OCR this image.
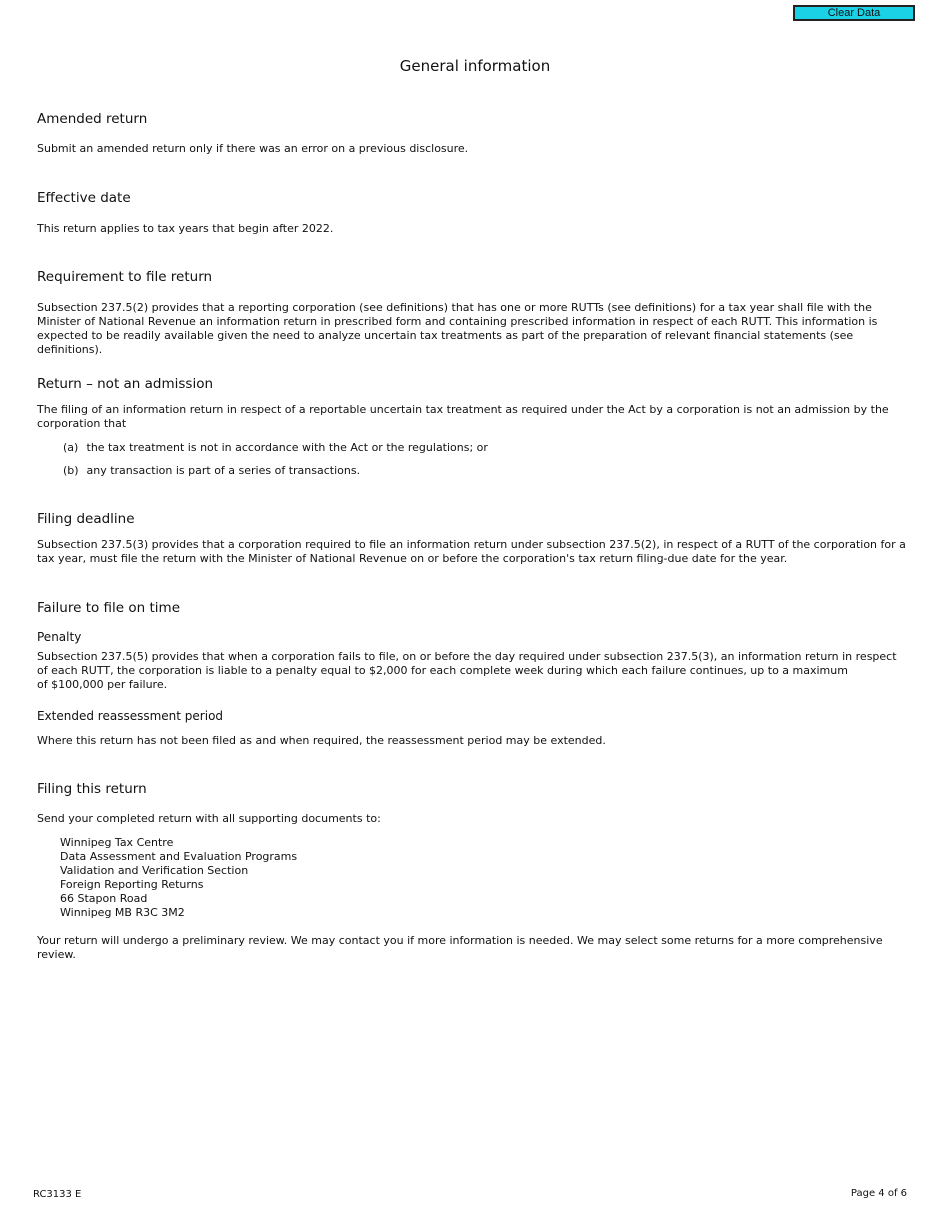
Clear Data
General information
Amended return
Submit an amended return only if there was an error on a previous disclosure.
Effective date
This return applies to tax years that begin after 2022.
Requirement to file return
Subsection 237.5(2) provides that a reporting corporation (see definitions) that has one or more RUTTs (see definitions) for a tax year shall file with the Minister of National Revenue an information return in prescribed form and containing prescribed information in respect of each RUTT. This information is expected to be readily available given the need to analyze uncertain tax treatments as part of the preparation of relevant financial statements (see definitions).
Return – not an admission
The filing of an information return in respect of a reportable uncertain tax treatment as required under the Act by a corporation is not an admission by the corporation that
(a) the tax treatment is not in accordance with the Act or the regulations; or
(b) any transaction is part of a series of transactions.
Filing deadline
Subsection 237.5(3) provides that a corporation required to file an information return under subsection 237.5(2), in respect of a RUTT of the corporation for a tax year, must file the return with the Minister of National Revenue on or before the corporation's tax return filing-due date for the year.
Failure to file on time
Penalty
Subsection 237.5(5) provides that when a corporation fails to file, on or before the day required under subsection 237.5(3), an information return in respect of each RUTT, the corporation is liable to a penalty equal to $2,000 for each complete week during which each failure continues, up to a maximum
of $100,000 per failure.
Extended reassessment period
Where this return has not been filed as and when required, the reassessment period may be extended.
Filing this return
Send your completed return with all supporting documents to:
Winnipeg Tax Centre
Data Assessment and Evaluation Programs
Validation and Verification Section
Foreign Reporting Returns
66 Stapon Road
Winnipeg MB R3C 3M2
Your return will undergo a preliminary review. We may contact you if more information is needed. We may select some returns for a more comprehensive review.
RC3133 E	Page 4 of 6
